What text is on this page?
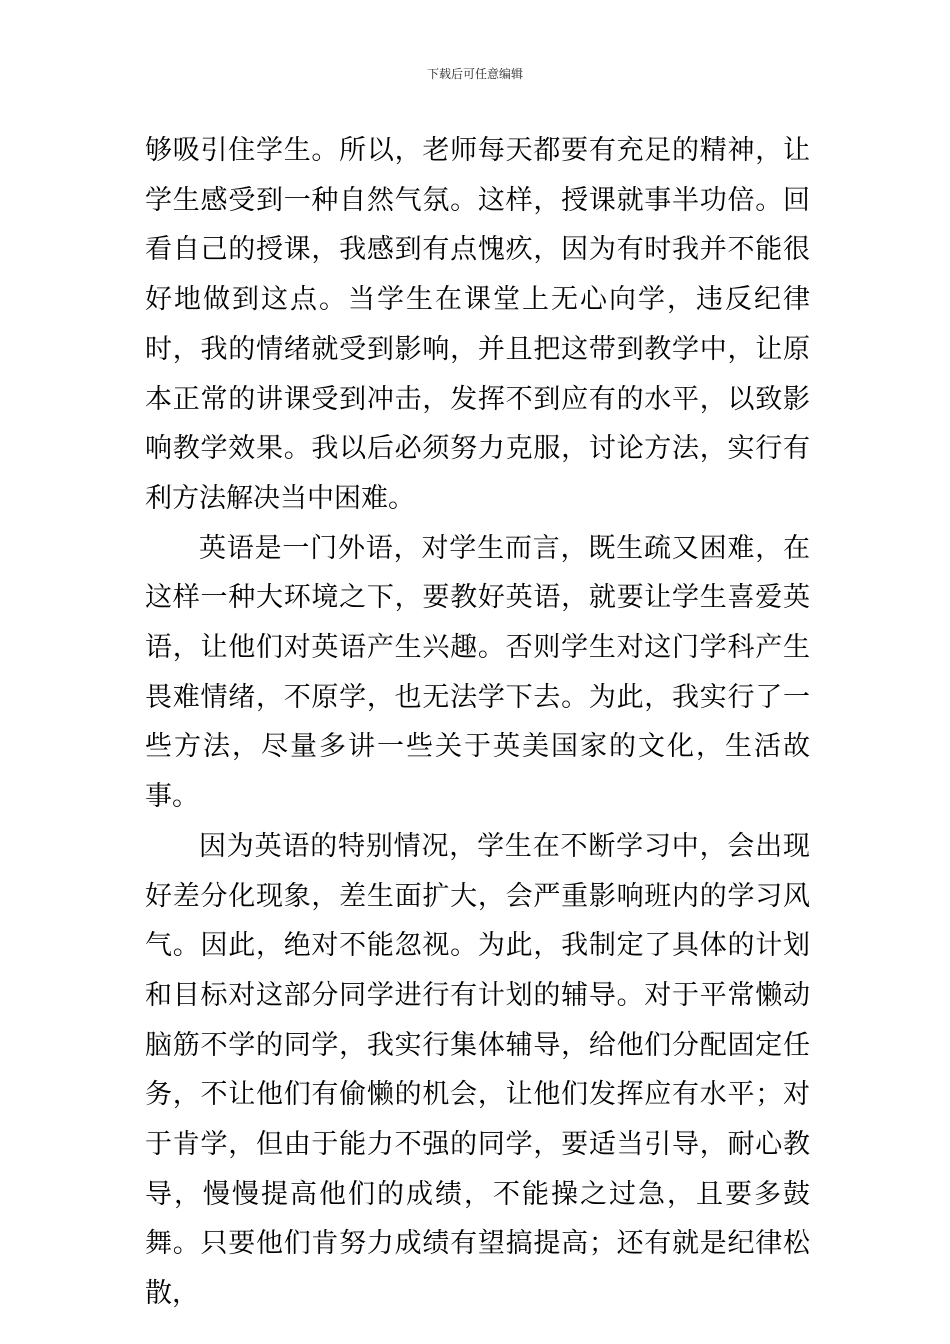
下载后可任意编辑

够吸引住学生。所以，老师每天都要有充足的精神，让学生感受到一种自然气氛。这样，授课就事半功倍。回看自己的授课，我感到有点愧疚，因为有时我并不能很好地做到这点。当学生在课堂上无心向学，违反纪律时，我的情绪就受到影响，并且把这带到教学中，让原本正常的讲课受到冲击，发挥不到应有的水平，以致影响教学效果。我以后必须努力克服，讨论方法，实行有利方法解决当中困难。

英语是一门外语，对学生而言，既生疏又困难，在这样一种大环境之下，要教好英语，就要让学生喜爱英语，让他们对英语产生兴趣。否则学生对这门学科产生畏难情绪，不原学，也无法学下去。为此，我实行了一些方法，尽量多讲一些关于英美国家的文化，生活故事。

因为英语的特别情况，学生在不断学习中，会出现好差分化现象，差生面扩大，会严重影响班内的学习风气。因此，绝对不能忽视。为此，我制定了具体的计划和目标对这部分同学进行有计划的辅导。对于平常懒动脑筋不学的同学，我实行集体辅导，给他们分配固定任务，不让他们有偷懒的机会，让他们发挥应有水平；对于肯学，但由于能力不强的同学，要适当引导，耐心教导，慢慢提高他们的成绩，不能操之过急，且要多鼓舞。只要他们肯努力成绩有望搞提高；还有就是纪律松散，
